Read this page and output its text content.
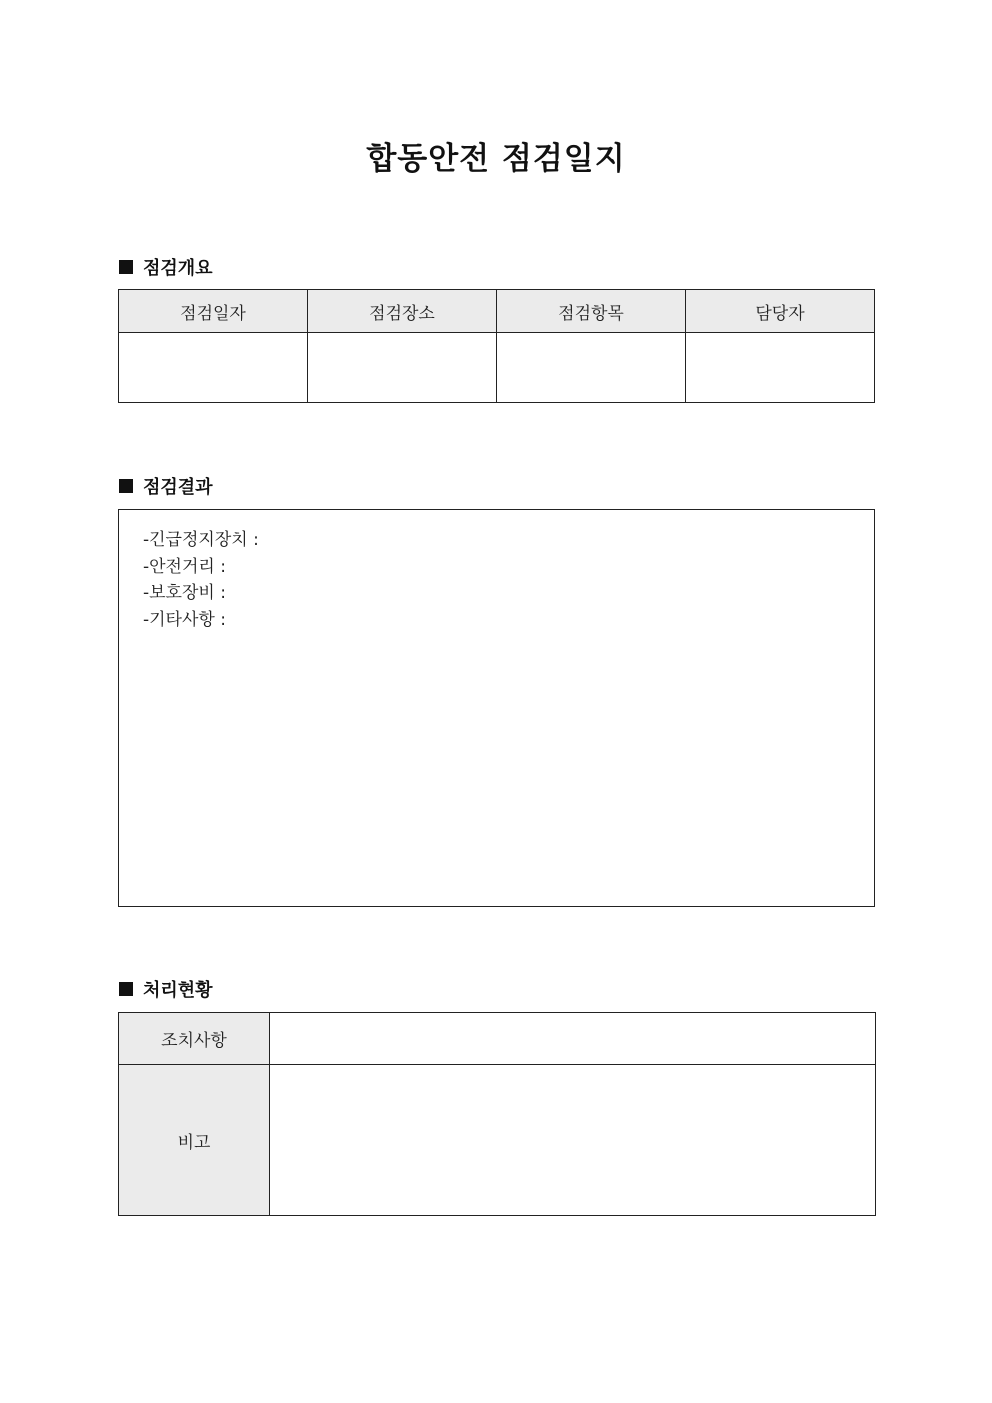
합동안전 점검일지
점검개요
점검일자	점검장소	점검항목	담당자

점검결과
-긴급정지장치 :
-안전거리 :
-보호장비 :
-기타사항 :
처리현황
조치사항	
비고	
